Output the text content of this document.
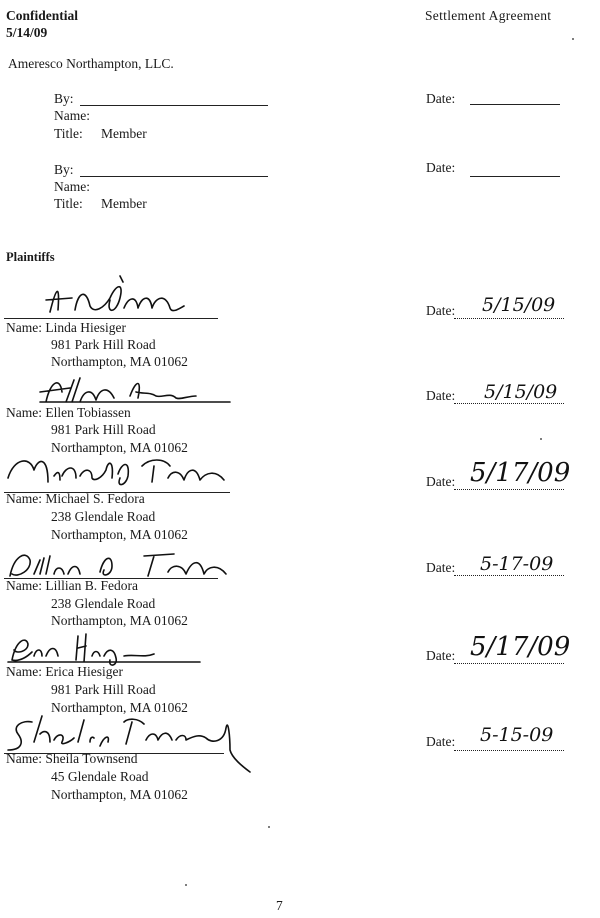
Confidential
5/14/09
Settlement Agreement
Ameresco Northampton, LLC.
By:
Name:
Title: Member
Date:
By:
Name:
Title: Member
Date:
Plaintiffs
Name: Linda Hiesiger
981 Park Hill Road
Northampton, MA 01062
Date: 5/15/09
Name: Ellen Tobiassen
981 Park Hill Road
Northampton, MA 01062
Date: 5/15/09
Name: Michael S. Fedora
238 Glendale Road
Northampton, MA 01062
Date: 5/17/09
Name: Lillian B. Fedora
238 Glendale Road
Northampton, MA 01062
Date: 5-17-09
Name: Erica Hiesiger
981 Park Hill Road
Northampton, MA 01062
Date: 5/17/09
Name: Sheila Townsend
45 Glendale Road
Northampton, MA 01062
Date: 5-15-09
7
